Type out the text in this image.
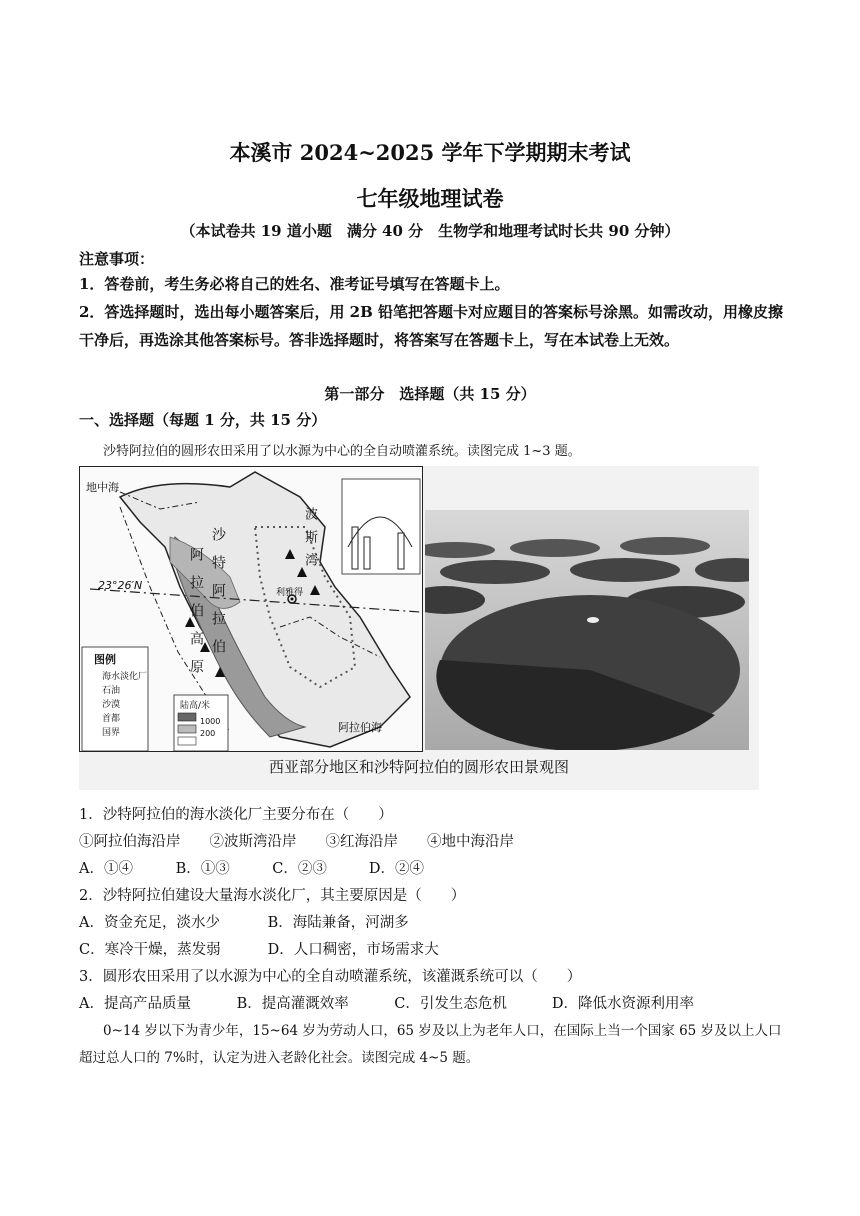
本溪市 2024~2025 学年下学期期末考试
七年级地理试卷
（本试卷共 19 道小题　满分 40 分　生物学和地理考试时长共 90 分钟）
注意事项：
1．答卷前，考生务必将自己的姓名、准考证号填写在答题卡上。
2．答选择题时，选出每小题答案后，用 2B 铅笔把答题卡对应题目的答案标号涂黑。如需改动，用橡皮擦干净后，再选涂其他答案标号。答非选择题时，将答案写在答题卡上，写在本试卷上无效。
第一部分　选择题（共 15 分）
一、选择题（每题 1 分，共 15 分）
沙特阿拉伯的圆形农田采用了以水源为中心的全自动喷灌系统。读图完成 1~3 题。
地中海
23°26′N	沙特阿拉伯
阿拉伯高原
波斯湾
利雅得
阿拉伯海
图例
海水淡化厂
石油
沙漠
首都
国界
陆高/米
1000
200
西亚部分地区和沙特阿拉伯的圆形农田景观图
1．沙特阿拉伯的海水淡化厂主要分布在（　　）
①阿拉伯海沿岸　　②波斯湾沿岸　　③红海沿岸　　④地中海沿岸
A．①④	B．①③	C．②③	D．②④
2．沙特阿拉伯建设大量海水淡化厂，其主要原因是（　　）
A．资金充足，淡水少	B．海陆兼备，河湖多
C．寒冷干燥，蒸发弱	D．人口稠密，市场需求大
3．圆形农田采用了以水源为中心的全自动喷灌系统，该灌溉系统可以（　　）
A．提高产品质量	B．提高灌溉效率	C．引发生态危机	D．降低水资源利用率
0~14 岁以下为青少年，15~64 岁为劳动人口，65 岁及以上为老年人口，在国际上当一个国家 65 岁及以上人口超过总人口的 7%时，认定为进入老龄化社会。读图完成 4~5 题。
